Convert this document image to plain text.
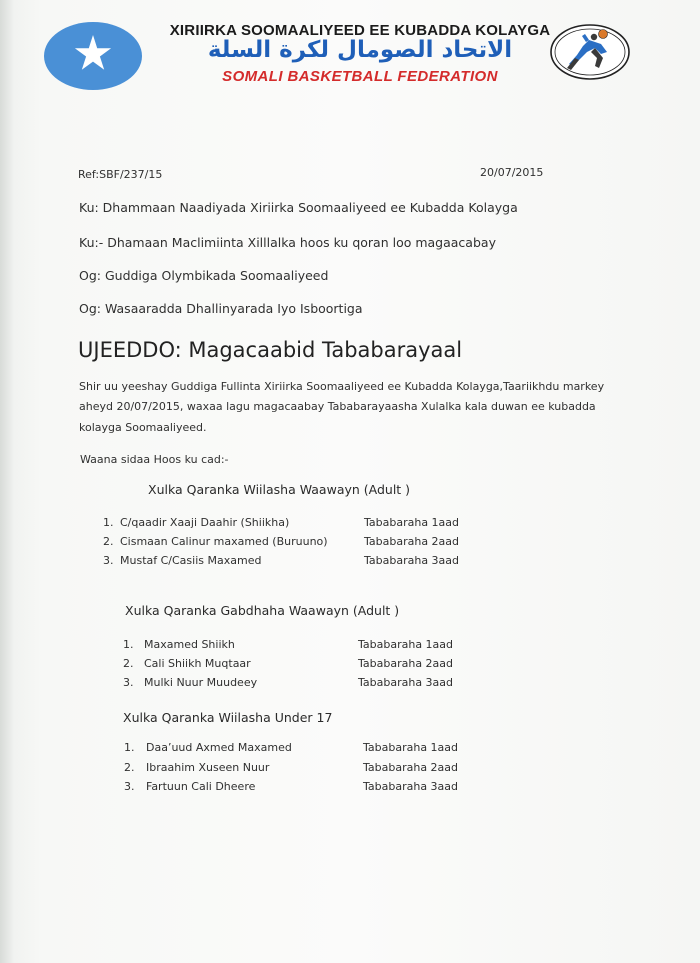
XIRIIRKA SOOMAALIYEED EE KUBADDA KOLAYGA
الاتحاد الصومال لكرة السلة
SOMALI BASKETBALL FEDERATION
Ref:SBF/237/15	20/07/2015
Ku: Dhammaan Naadiyada Xiriirka Soomaaliyeed ee Kubadda Kolayga
Ku:- Dhamaan Maclimiinta Xilllalka hoos ku qoran loo magaacabay
Og: Guddiga Olymbikada Soomaaliyeed
Og: Wasaaradda Dhallinyarada Iyo Isboortiga
UJEEDDO: Magacaabid Tababarayaal
Shir uu yeeshay Guddiga Fullinta Xiriirka Soomaaliyeed ee Kubadda Kolayga,Taariikhdu markey
aheyd 20/07/2015, waxaa lagu magacaabay Tababarayaasha Xulalka kala duwan ee kubadda
kolayga Soomaaliyeed.
Waana sidaa Hoos ku cad:-
Xulka Qaranka Wiilasha Waawayn (Adult )
1. C/qaadir Xaaji Daahir (Shiikha)	Tababaraha 1aad
2. Cismaan Calinur maxamed (Buruuno)	Tababaraha 2aad
3. Mustaf C/Casiis Maxamed	Tababaraha 3aad
Xulka Qaranka Gabdhaha Waawayn (Adult )
1. Maxamed Shiikh	Tababaraha 1aad
2. Cali Shiikh Muqtaar	Tababaraha 2aad
3. Mulki Nuur Muudeey	Tababaraha 3aad
Xulka Qaranka Wiilasha Under 17
1. Daa’uud Axmed Maxamed	Tababaraha 1aad
2. Ibraahim Xuseen Nuur	Tababaraha 2aad
3. Fartuun Cali Dheere	Tababaraha 3aad
